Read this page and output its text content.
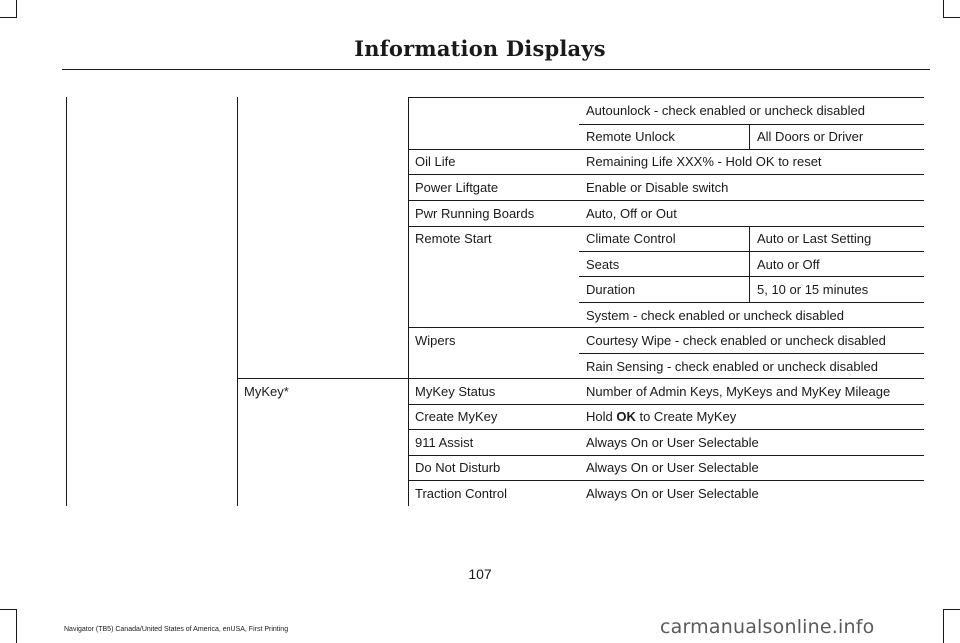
Information Displays
Autounlock - check enabled or uncheck disabled
Remote Unlock	All Doors or Driver
Oil Life	Remaining Life XXX% - Hold OK to reset
Power Liftgate	Enable or Disable switch
Pwr Running Boards	Auto, Off or Out
Remote Start	Climate Control	Auto or Last Setting
Seats	Auto or Off
Duration	5, 10 or 15 minutes
System - check enabled or uncheck disabled
Wipers	Courtesy Wipe - check enabled or uncheck disabled
Rain Sensing - check enabled or uncheck disabled
MyKey*	MyKey Status	Number of Admin Keys, MyKeys and MyKey Mileage
Create MyKey	Hold OK to Create MyKey
911 Assist	Always On or User Selectable
Do Not Disturb	Always On or User Selectable
Traction Control	Always On or User Selectable
107
Navigator (TB5) Canada/United States of America, enUSA, First Printing	carmanualsonline.info
